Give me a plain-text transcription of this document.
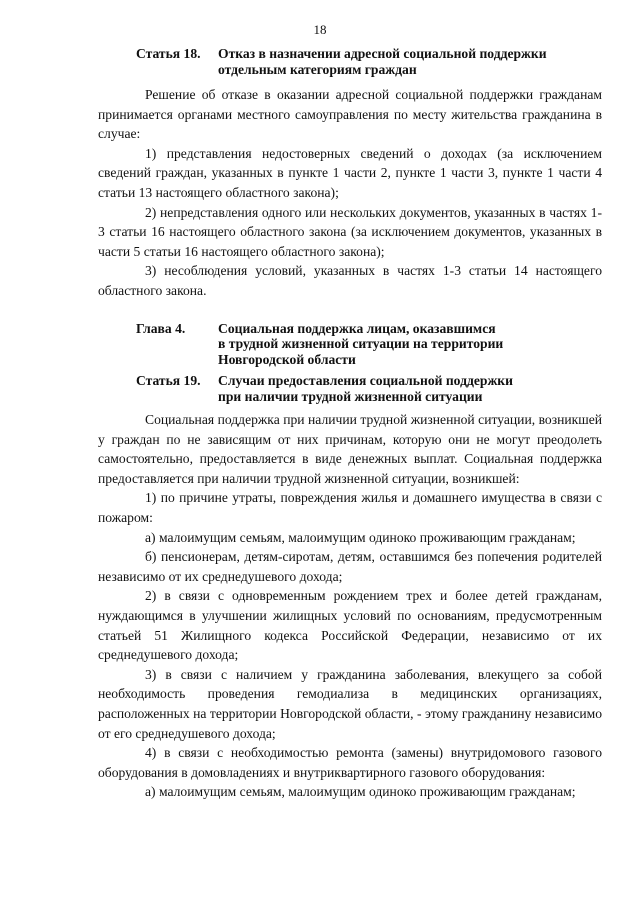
18
Статья 18.	Отказ в назначении адресной социальной поддержки
отдельным категориям граждан

Решение об отказе в оказании адресной социальной поддержки гражданам принимается органами местного самоуправления по месту жительства гражданина в случае:

1) представления недостоверных сведений о доходах (за исключением сведений граждан, указанных в пункте 1 части 2, пункте 1 части 3, пункте 1 части 4 статьи 13 настоящего областного закона);

2) непредставления одного или нескольких документов, указанных в частях 1-3 статьи 16 настоящего областного закона (за исключением документов, указанных в части 5 статьи 16 настоящего областного закона);

3) несоблюдения условий, указанных в частях 1-3 статьи 14 настоящего областного закона.

Глава 4.	Социальная поддержка лицам, оказавшимся
в трудной жизненной ситуации на территории
Новгородской области
Статья 19.	Случаи предоставления социальной поддержки
при наличии трудной жизненной ситуации

Социальная поддержка при наличии трудной жизненной ситуации, возникшей у граждан по не зависящим от них причинам, которую они не могут преодолеть самостоятельно, предоставляется в виде денежных выплат. Социальная поддержка предоставляется при наличии трудной жизненной ситуации, возникшей:

1) по причине утраты, повреждения жилья и домашнего имущества в связи с пожаром:

а) малоимущим семьям, малоимущим одиноко проживающим гражданам;

б) пенсионерам, детям-сиротам, детям, оставшимся без попечения родителей независимо от их среднедушевого дохода;

2) в связи с одновременным рождением трех и более детей гражданам, нуждающимся в улучшении жилищных условий по основаниям, предусмотренным статьей 51 Жилищного кодекса Российской Федерации, независимо от их среднедушевого дохода;

3) в связи с наличием у гражданина заболевания, влекущего за собой необходимость проведения гемодиализа в медицинских организациях, расположенных на территории Новгородской области, - этому гражданину независимо от его среднедушевого дохода;

4) в связи с необходимостью ремонта (замены) внутридомового газового оборудования в домовладениях и внутриквартирного газового оборудования:

а) малоимущим семьям, малоимущим одиноко проживающим гражданам;
